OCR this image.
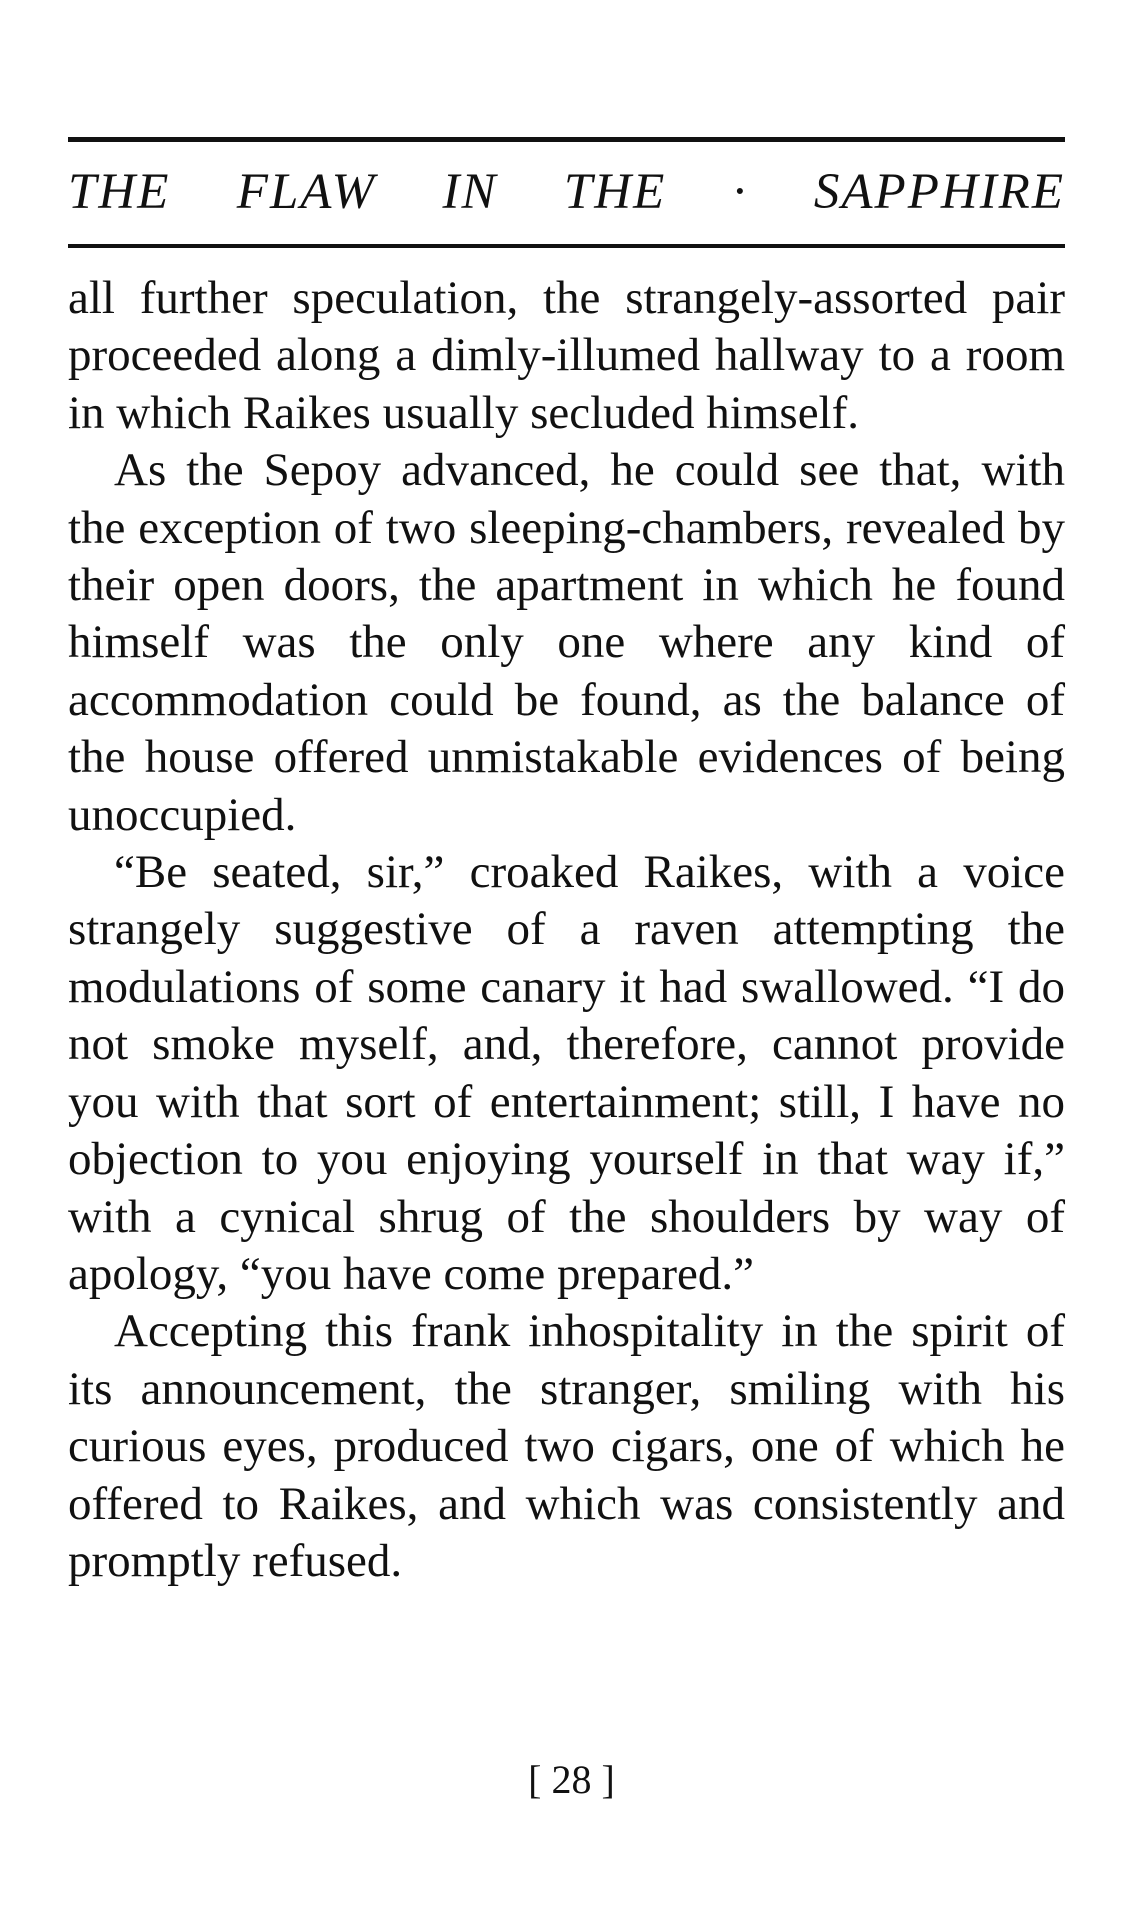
THE FLAW IN THE · SAPPHIRE

all further speculation, the strangely-assorted pair proceeded along a dimly-illumed hallway to a room in which Raikes usually secluded himself.

As the Sepoy advanced, he could see that, with the exception of two sleeping-chambers, revealed by their open doors, the apartment in which he found himself was the only one where any kind of accommodation could be found, as the balance of the house offered unmistakable evidences of being unoccupied.

“Be seated, sir,” croaked Raikes, with a voice strangely suggestive of a raven attempting the modulations of some canary it had swallowed. “I do not smoke myself, and, therefore, cannot provide you with that sort of entertainment; still, I have no objection to you enjoying yourself in that way if,” with a cynical shrug of the shoulders by way of apology, “you have come prepared.”

Accepting this frank inhospitality in the spirit of its announcement, the stranger, smiling with his curious eyes, produced two cigars, one of which he offered to Raikes, and which was consistently and promptly refused.

[ 28 ]
